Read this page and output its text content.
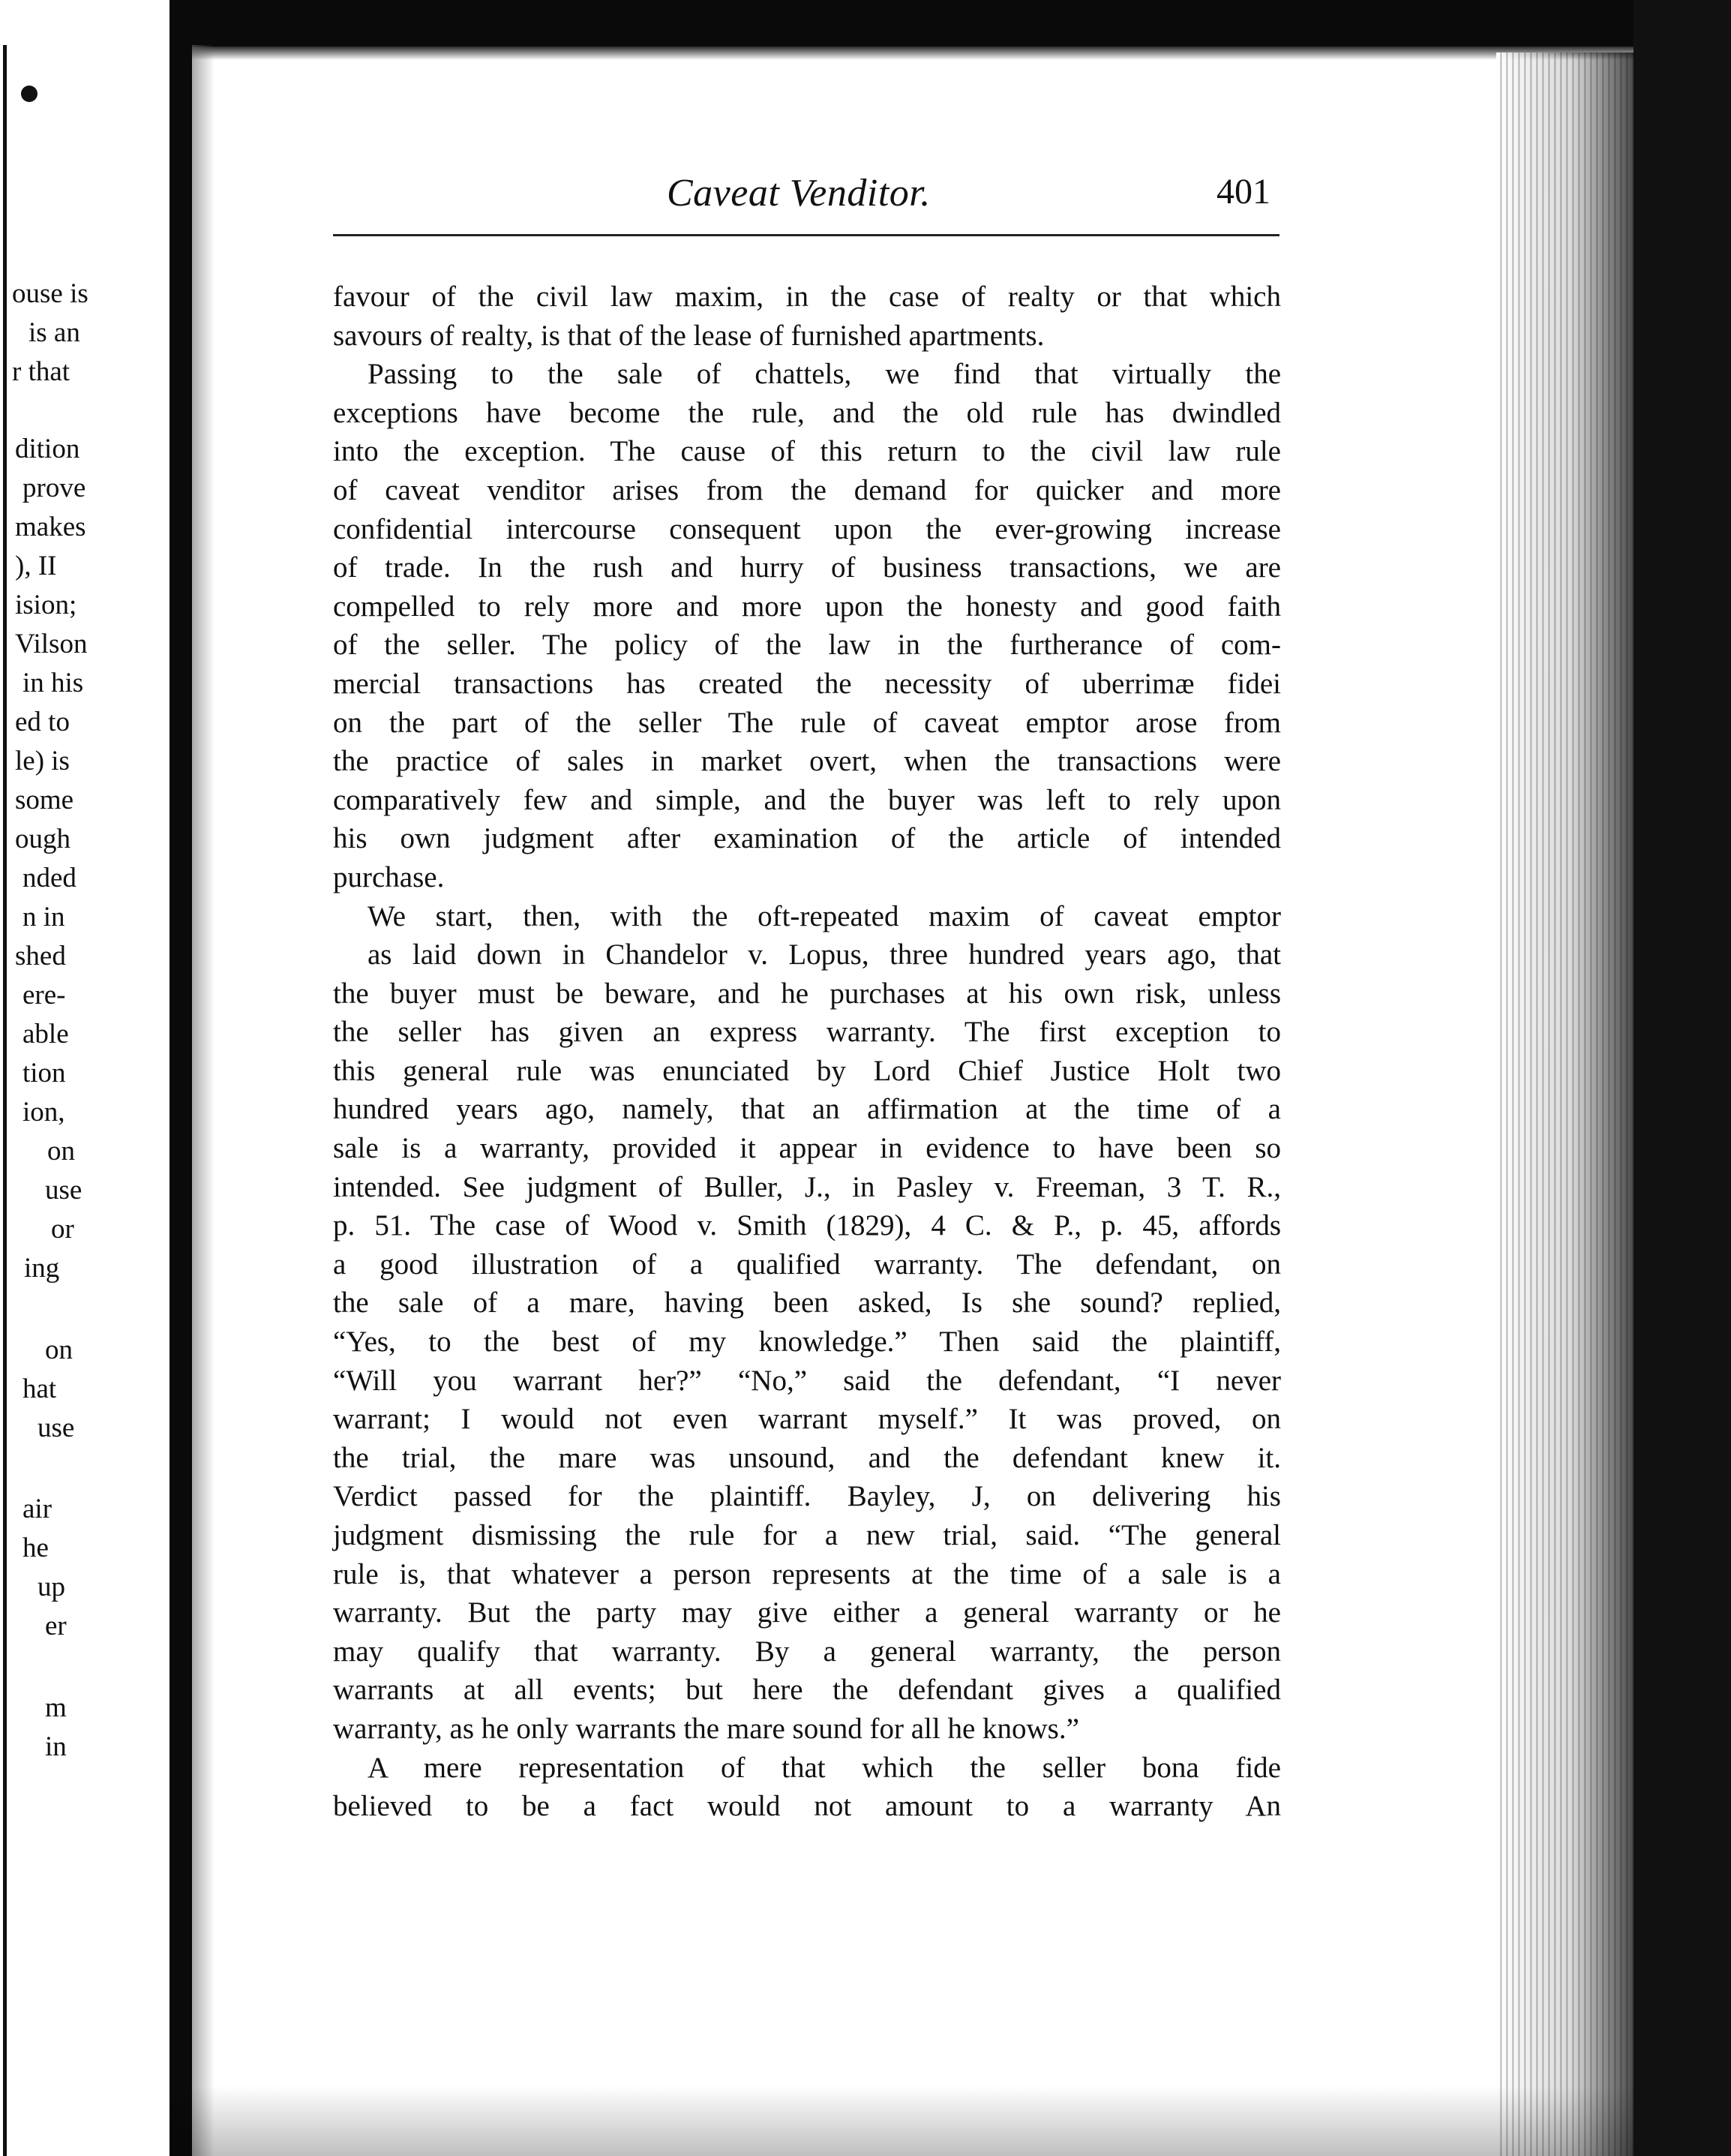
ouse is
is an
r that
dition
prove
makes
), II
ision;
Vilson
in his
ed to
le) is
some
ough
nded
n in
shed
ere-
able
tion
ion,
on
use
or
ing
on
hat
use
air
he
up
er
m
in
Caveat Venditor.	401
favour of the civil law maxim, in the case of realty or that which
savours of realty, is that of the lease of furnished apartments.
Passing to the sale of chattels, we find that virtually the
exceptions have become the rule, and the old rule has dwindled
into the exception. The cause of this return to the civil law rule
of caveat venditor arises from the demand for quicker and more
confidential intercourse consequent upon the ever-growing increase
of trade. In the rush and hurry of business transactions, we are
compelled to rely more and more upon the honesty and good faith
of the seller. The policy of the law in the furtherance of com-
mercial transactions has created the necessity of uberrimæ fidei
on the part of the seller The rule of caveat emptor arose from
the practice of sales in market overt, when the transactions were
comparatively few and simple, and the buyer was left to rely upon
his own judgment after examination of the article of intended
purchase.
We start, then, with the oft-repeated maxim of caveat emptor
as laid down in Chandelor v. Lopus, three hundred years ago, that
the buyer must be beware, and he purchases at his own risk, unless
the seller has given an express warranty. The first exception to
this general rule was enunciated by Lord Chief Justice Holt two
hundred years ago, namely, that an affirmation at the time of a
sale is a warranty, provided it appear in evidence to have been so
intended. See judgment of Buller, J., in Pasley v. Freeman, 3 T. R.,
p. 51. The case of Wood v. Smith (1829), 4 C. & P., p. 45, affords
a good illustration of a qualified warranty. The defendant, on
the sale of a mare, having been asked, Is she sound? replied,
“Yes, to the best of my knowledge.” Then said the plaintiff,
“Will you warrant her?” “No,” said the defendant, “I never
warrant; I would not even warrant myself.” It was proved, on
the trial, the mare was unsound, and the defendant knew it.
Verdict passed for the plaintiff. Bayley, J, on delivering his
judgment dismissing the rule for a new trial, said. “The general
rule is, that whatever a person represents at the time of a sale is a
warranty. But the party may give either a general warranty or he
may qualify that warranty. By a general warranty, the person
warrants at all events; but here the defendant gives a qualified
warranty, as he only warrants the mare sound for all he knows.”
A mere representation of that which the seller bona fide
believed to be a fact would not amount to a warranty An
